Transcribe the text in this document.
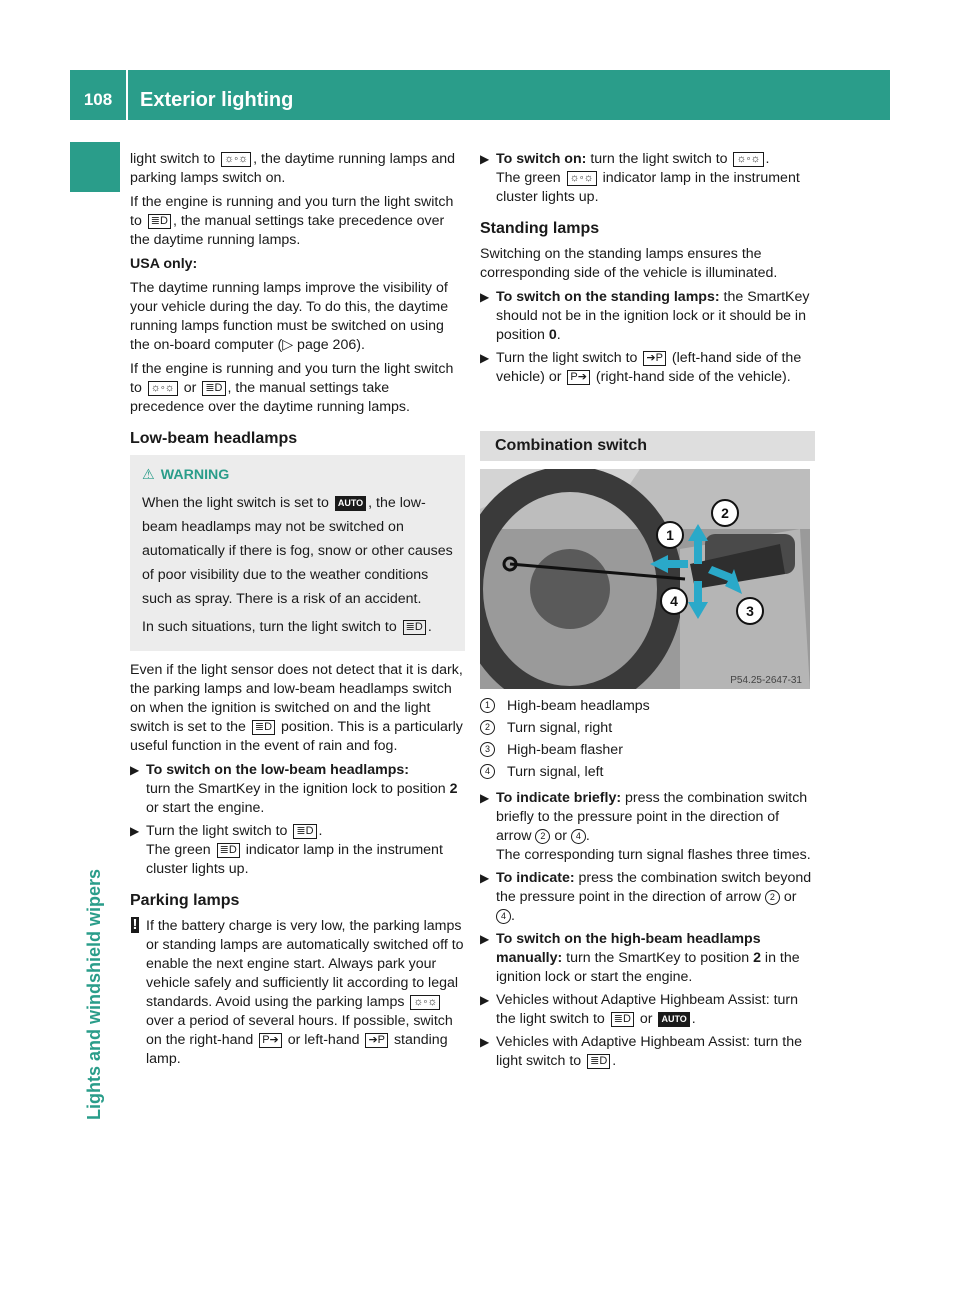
108	Exterior lighting
Lights and windshield wipers

light switch to ☼◦☼ , the daytime running lamps and parking lamps switch on.

If the engine is running and you turn the light switch to ≣D , the manual settings take precedence over the daytime running lamps.

USA only:

The daytime running lamps improve the visibility of your vehicle during the day. To do this, the daytime running lamps function must be switched on using the on-board computer (▷ page 206).

If the engine is running and you turn the light switch to ☼◦☼ or ≣D , the manual settings take precedence over the daytime running lamps.

Low-beam headlamps
⚠ WARNING

When the light switch is set to AUTO , the low-beam headlamps may not be switched on automatically if there is fog, snow or other causes of poor visibility due to the weather conditions such as spray. There is a risk of an accident.

In such situations, turn the light switch to ≣D .

Even if the light sensor does not detect that it is dark, the parking lamps and low-beam headlamps switch on when the ignition is switched on and the light switch is set to the ≣D position. This is a particularly useful function in the event of rain and fog.

▶ To switch on the low-beam headlamps:
turn the SmartKey in the ignition lock to position 2 or start the engine.
▶ Turn the light switch to ≣D .
The green ≣D indicator lamp in the instrument cluster lights up.
Parking lamps
! If the battery charge is very low, the parking lamps or standing lamps are automatically switched off to enable the next engine start. Always park your vehicle safely and sufficiently lit according to legal standards. Avoid using the parking lamps ☼◦☼ over a period of several hours. If possible, switch on the right-hand P➔ or left-hand ➔P standing lamp.
▶ To switch on: turn the light switch to ☼◦☼ .
The green ☼◦☼ indicator lamp in the instrument cluster lights up.
Standing lamps

Switching on the standing lamps ensures the corresponding side of the vehicle is illuminated.

▶ To switch on the standing lamps: the SmartKey should not be in the ignition lock or it should be in position 0.
▶ Turn the light switch to ➔P (left-hand side of the vehicle) or P➔ (right-hand side of the vehicle).
Combination switch
1
2
3
4
P54.25-2647-31
1	High-beam headlamps
2	Turn signal, right
3	High-beam flasher
4	Turn signal, left
▶ To indicate briefly: press the combination switch briefly to the pressure point in the direction of arrow 2 or 4 .
The corresponding turn signal flashes three times.
▶ To indicate: press the combination switch beyond the pressure point in the direction of arrow 2 or 4 .
▶ To switch on the high-beam headlamps manually: turn the SmartKey to position 2 in the ignition lock or start the engine.
▶ Vehicles without Adaptive Highbeam Assist: turn the light switch to ≣D or AUTO .
▶ Vehicles with Adaptive Highbeam Assist: turn the light switch to ≣D .
